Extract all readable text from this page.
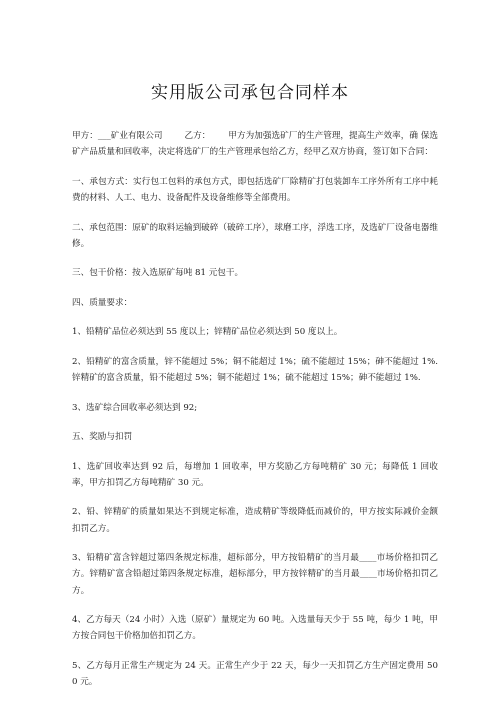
实用版公司承包合同样本

甲方：___矿业有限公司	乙方： 甲方为加强选矿厂的生产管理，提高生产效率，确 保选矿产品质量和回收率，决定将选矿厂的生产管理承包给乙方，经甲乙双方协商，签订如下合同：

一、承包方式：实行包工包料的承包方式，即包括选矿厂除精矿打包装卸车工序外所有工序中耗费的材料、人工、电力、设备配件及设备维修等全部费用。

二、承包范围：原矿的取料运输到破碎（破碎工序），球磨工序，浮选工序，及选矿厂设备电器维修。

三、包干价格：按入选原矿每吨 81 元包干。

四、质量要求：

1、铅精矿品位必须达到 55 度以上；锌精矿品位必须达到 50 度以上。

2、铅精矿的富含质量，锌不能超过 5%；铜不能超过 1%；硫不能超过 15%；砷不能超过 1%.锌精矿的富含质量，铅不能超过 5%；铜不能超过 1%；硫不能超过 15%；砷不能超过 1%.

3、选矿综合回收率必须达到 92;

五、奖励与扣罚

1、选矿回收率达到 92 后，每增加 1 回收率，甲方奖励乙方每吨精矿 30 元；每降低 1 回收率，甲方扣罚乙方每吨精矿 30 元。

2、铅、锌精矿的质量如果达不到规定标准，造成精矿等级降低而减价的，甲方按实际减价金额扣罚乙方。

3、铅精矿富含锌超过第四条规定标准，超标部分，甲方按铅精矿的当月最____市场价格扣罚乙方。锌精矿富含铅超过第四条规定标准，超标部分，甲方按锌精矿的当月最____市场价格扣罚乙方。

4、乙方每天（24 小时）入选（原矿）量规定为 60 吨。入选量每天少于 55 吨，每少 1 吨，甲方按合同包干价格加倍扣罚乙方。

5、乙方每月正常生产规定为 24 天。正常生产少于 22 天，每少一天扣罚乙方生产固定费用 500 元。
